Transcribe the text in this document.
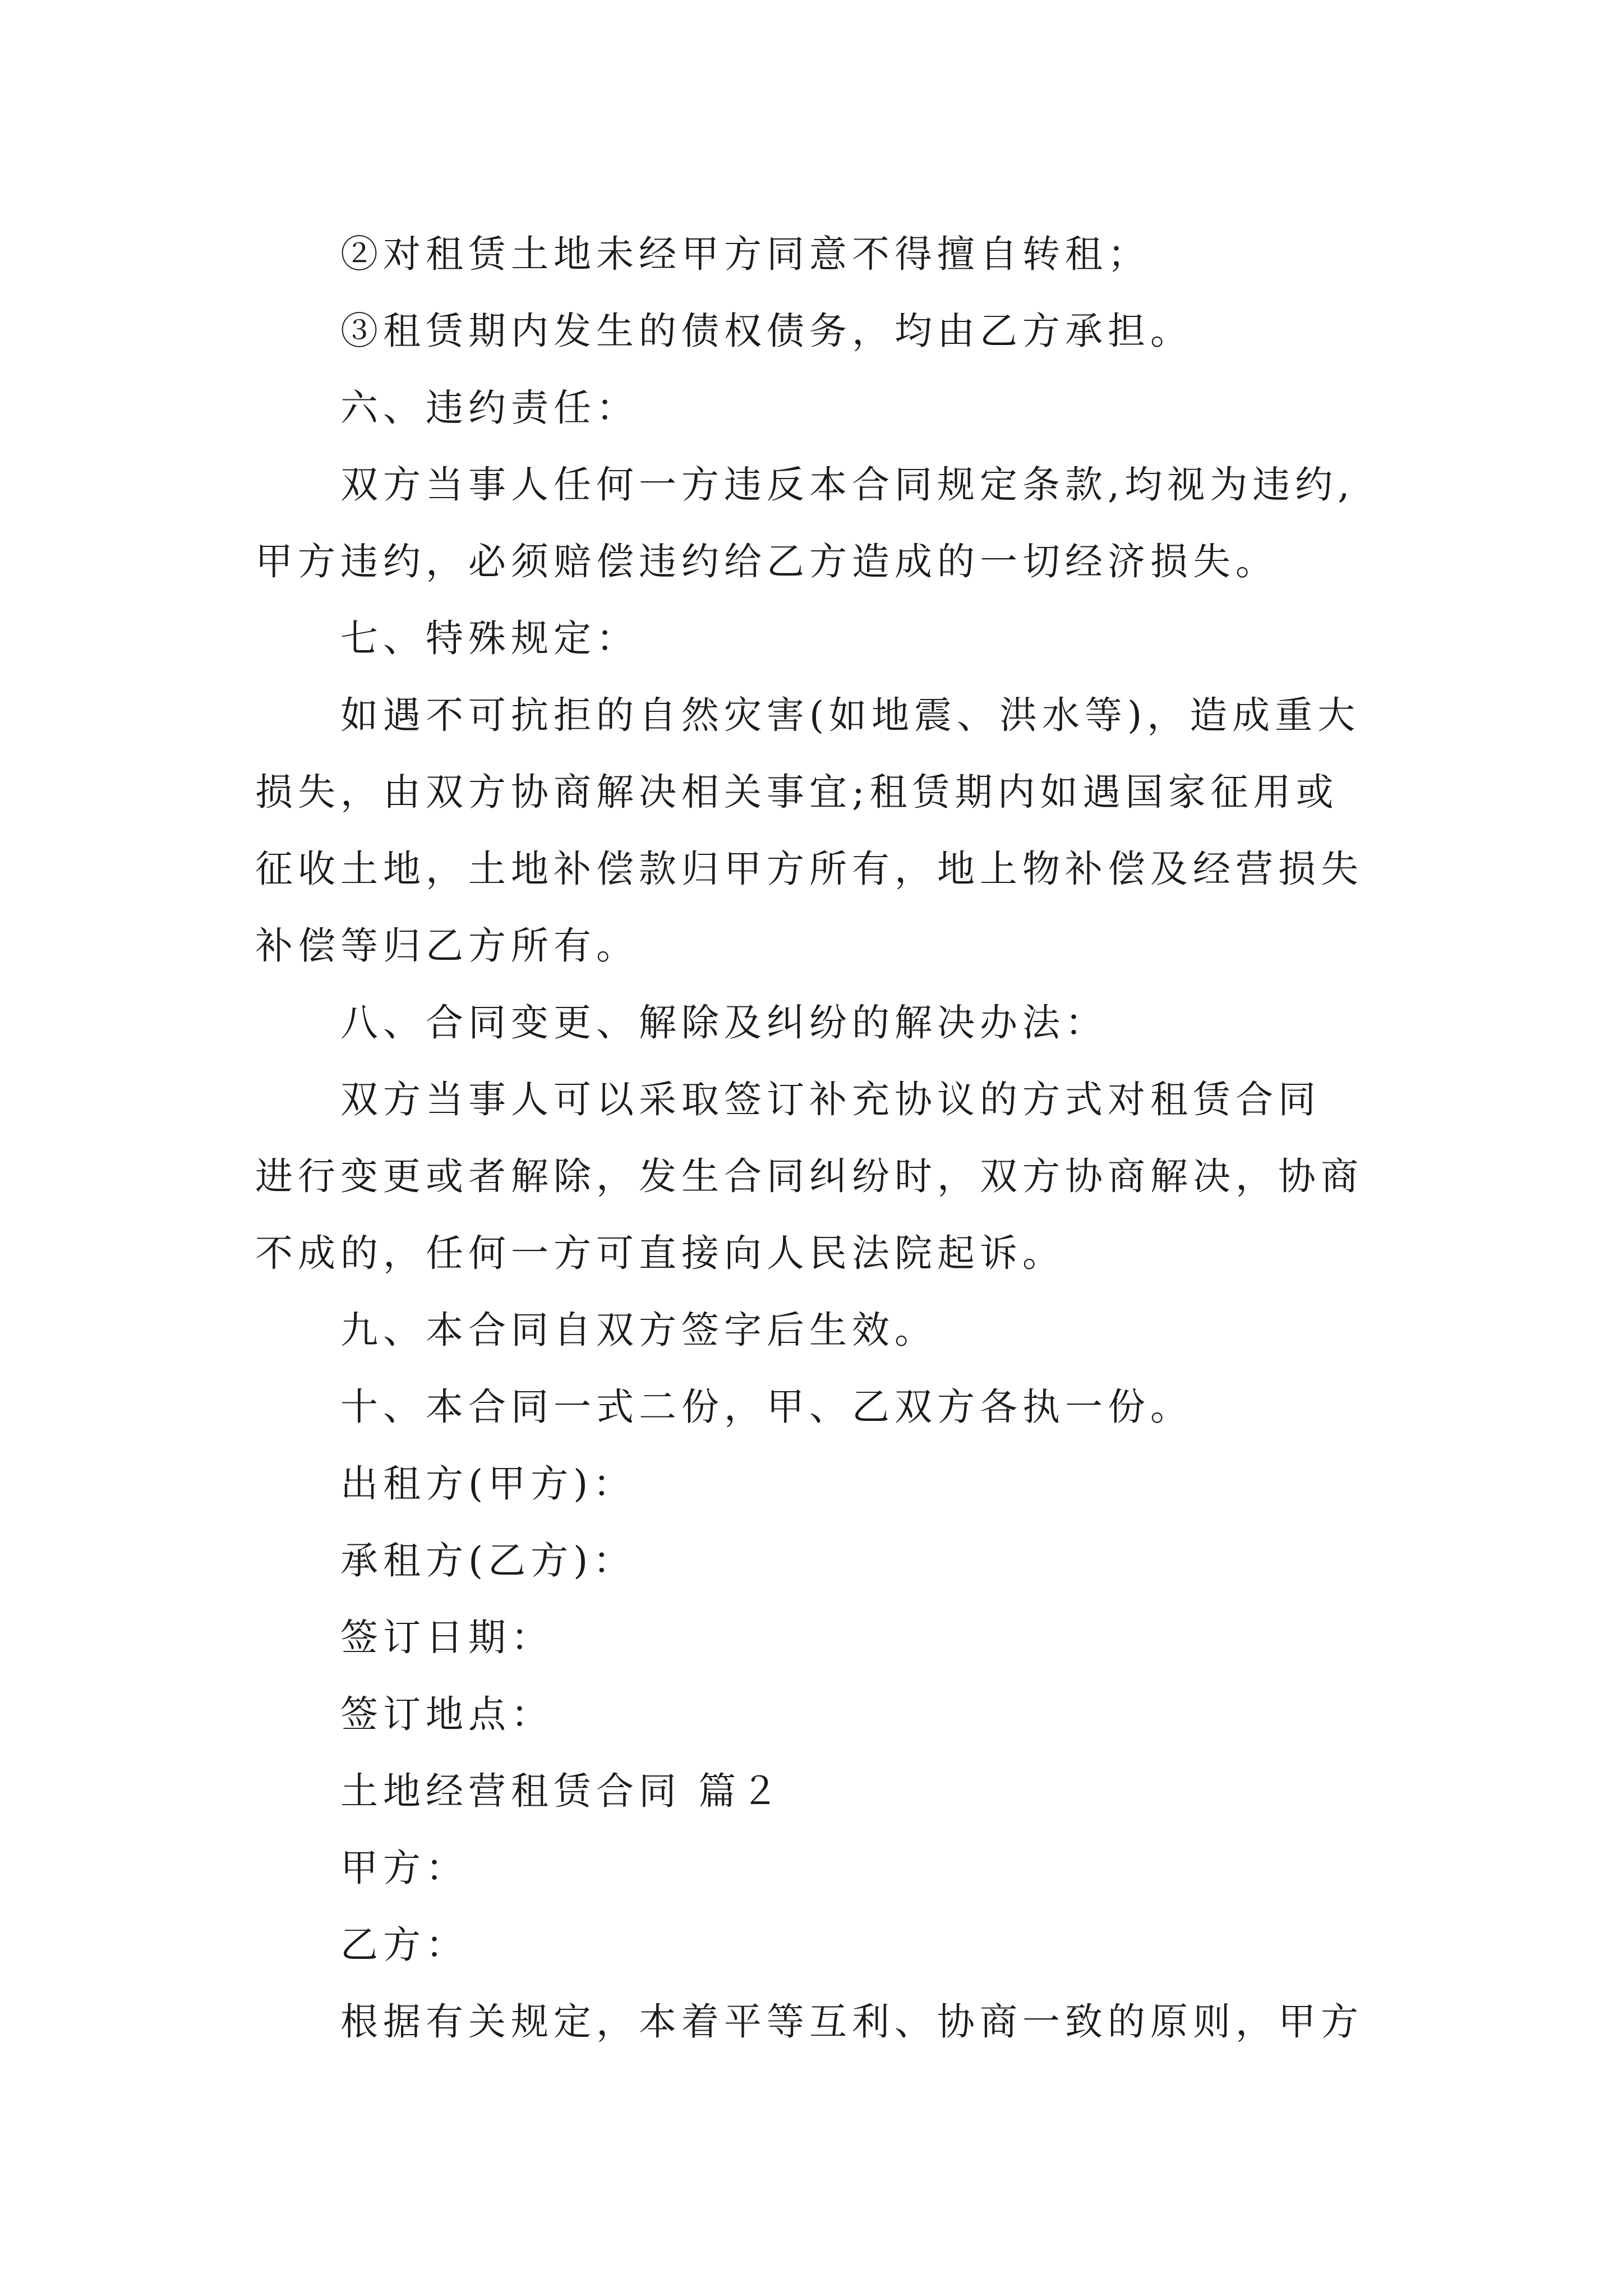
②对租赁土地未经甲方同意不得擅自转租；

③租赁期内发生的债权债务，均由乙方承担。

六、违约责任：

双方当事人任何一方违反本合同规定条款,均视为违约,
甲方违约，必须赔偿违约给乙方造成的一切经济损失。

七、特殊规定：

如遇不可抗拒的自然灾害(如地震、洪水等)，造成重大
损失，由双方协商解决相关事宜;租赁期内如遇国家征用或
征收土地，土地补偿款归甲方所有，地上物补偿及经营损失
补偿等归乙方所有。

八、合同变更、解除及纠纷的解决办法：

双方当事人可以采取签订补充协议的方式对租赁合同
进行变更或者解除，发生合同纠纷时，双方协商解决，协商
不成的，任何一方可直接向人民法院起诉。

九、本合同自双方签字后生效。

十、本合同一式二份，甲、乙双方各执一份。

出租方(甲方)：

承租方(乙方)：

签订日期：

签订地点：

土地经营租赁合同 篇２

甲方：

乙方：

根据有关规定，本着平等互利、协商一致的原则，甲方
